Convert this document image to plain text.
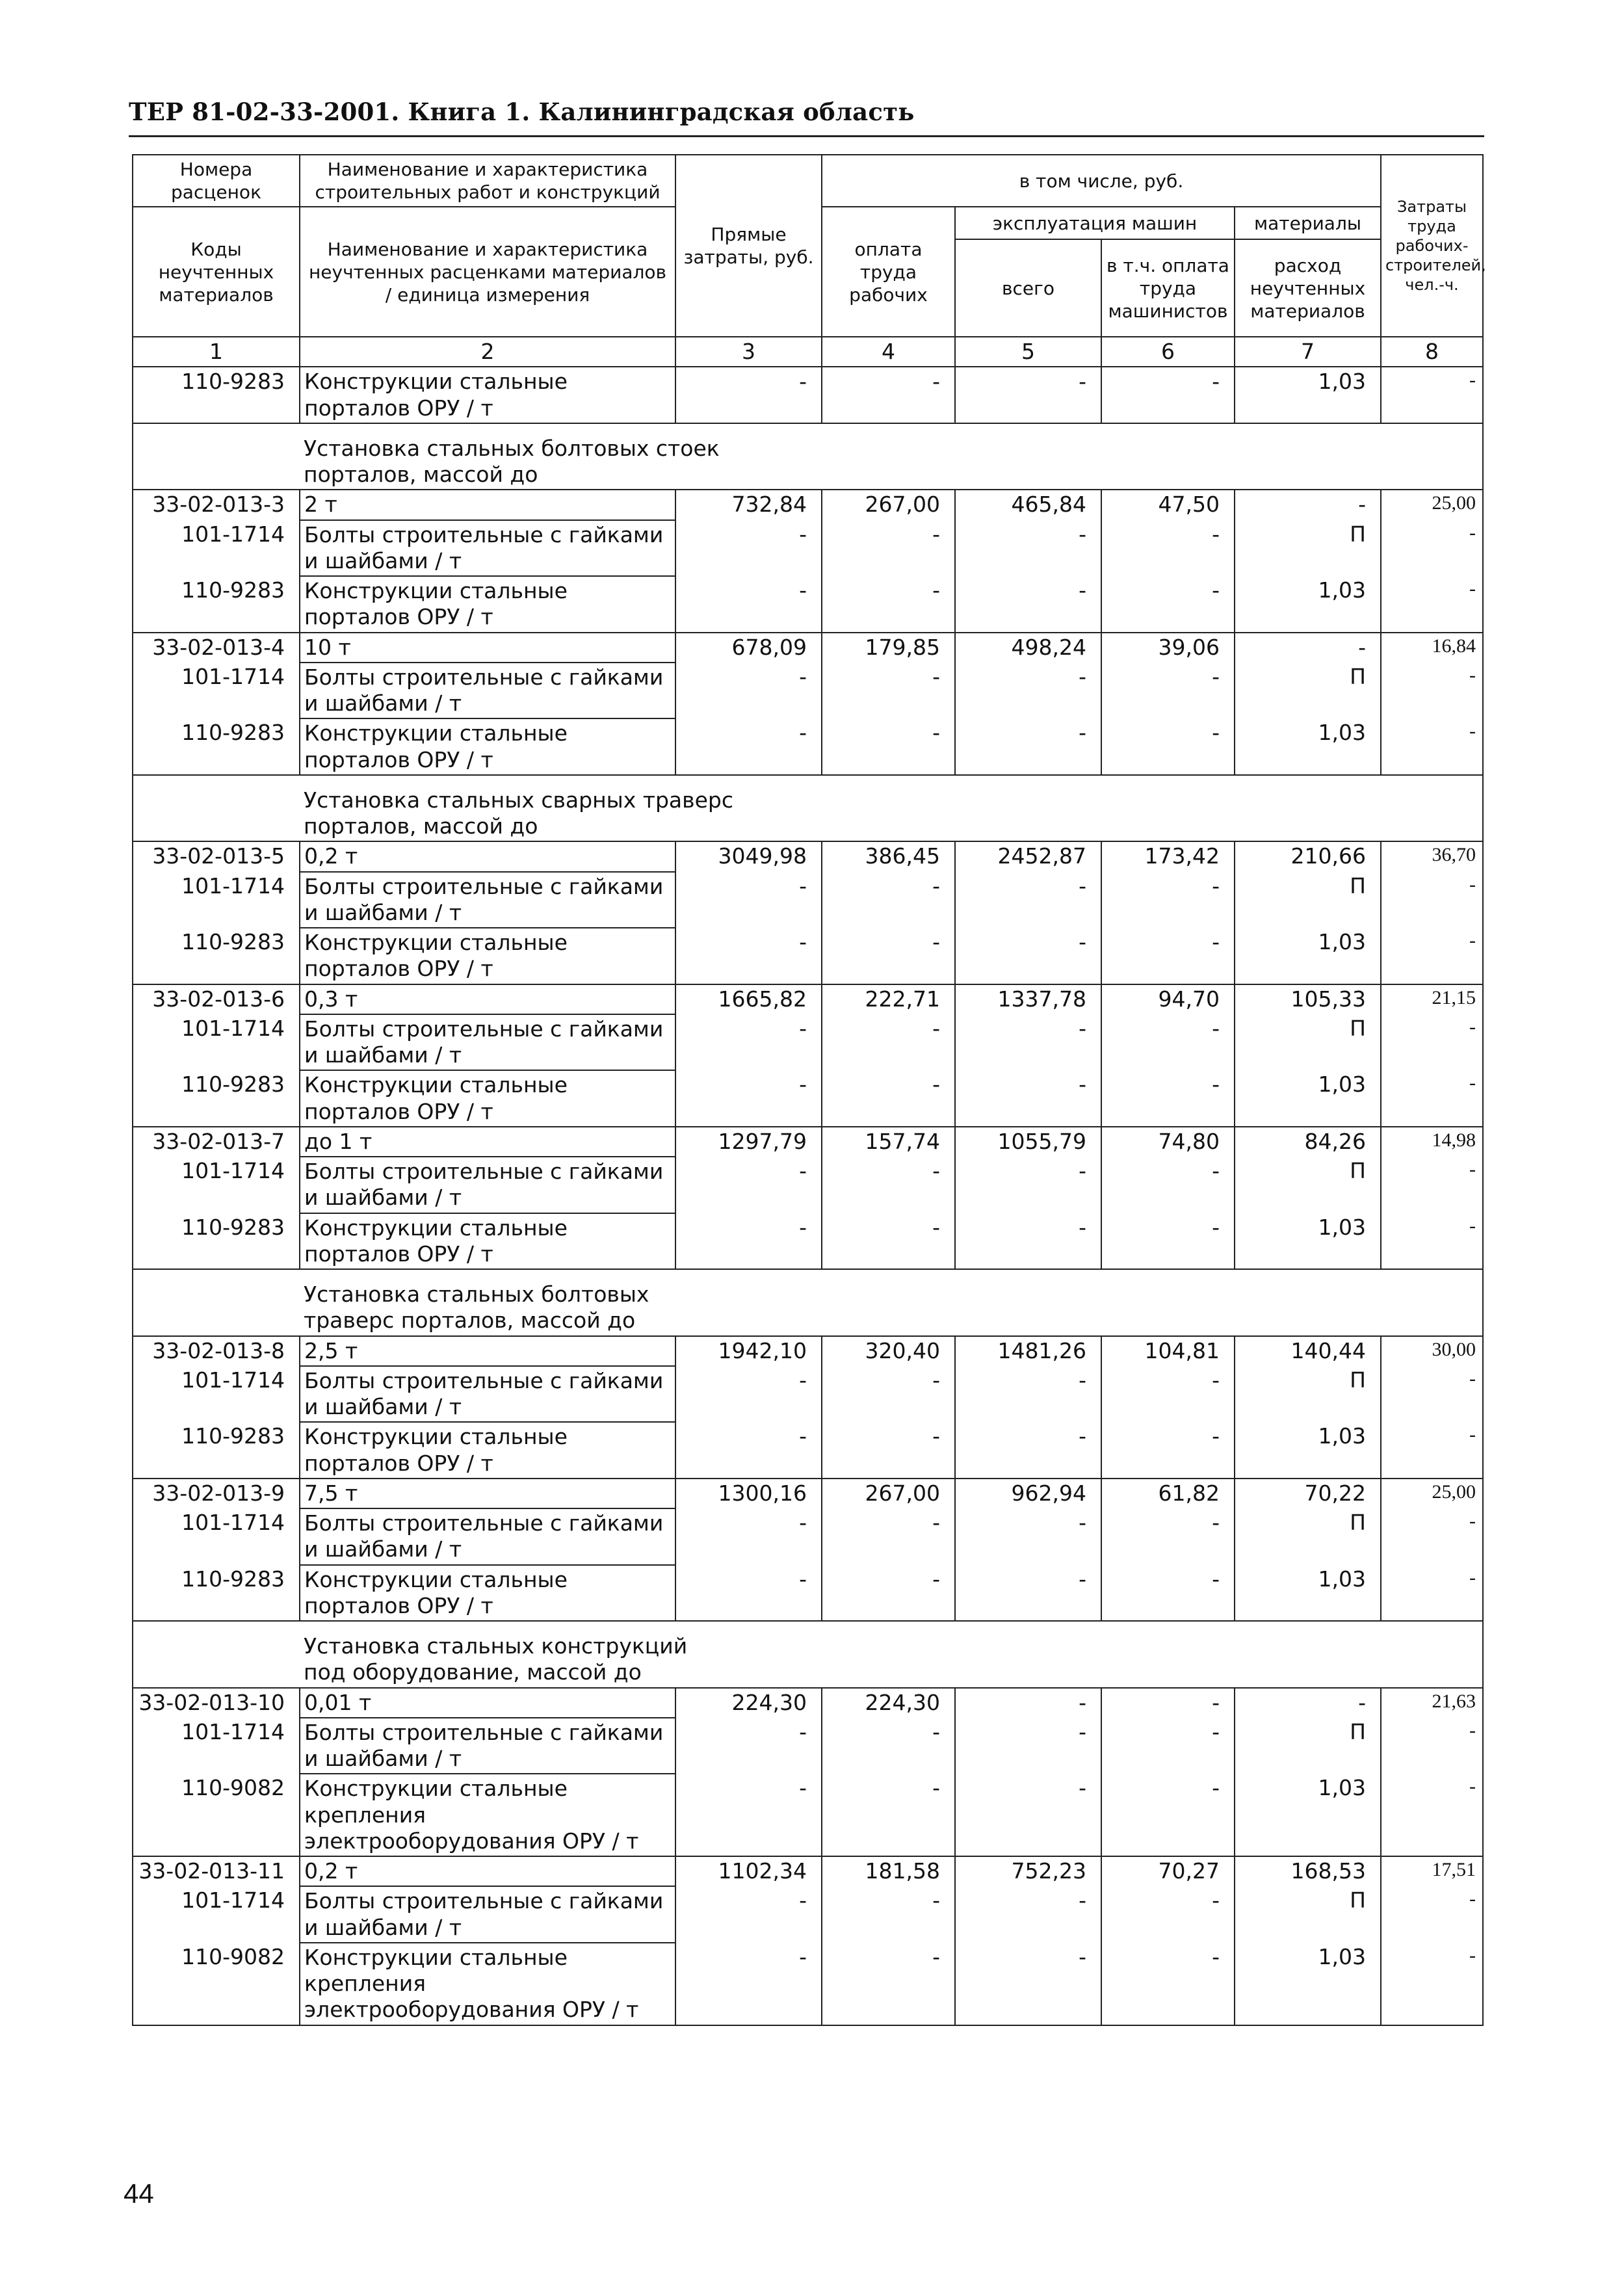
ТЕР 81-02-33-2001. Книга 1. Калининградская область
Номера расценок	Наименование и характеристика строительных работ и конструкций	Прямые затраты, руб.	в том числе, руб.				Затраты труда рабочих-строителей, чел.-ч.
Коды неучтенных материалов	Наименование и характеристика неучтенных расценками материалов / единица измерения		оплата труда рабочих	эксплуатация машин		материалы	
				всего	в т.ч. оплата труда машинистов	расход неучтенных материалов	
1	2	3	4	5	6	7	8
110-9283	Конструкции стальные порталов ОРУ / т	-	-	-	-	1,03	-
	Установка стальных болтовых стоек порталов, массой до						
33-02-013-3	2 т	732,84	267,00	465,84	47,50	-	25,00
101-1714	Болты строительные с гайками и шайбами / т	-	-	-	-	П	-
110-9283	Конструкции стальные порталов ОРУ / т	-	-	-	-	1,03	-
33-02-013-4	10 т	678,09	179,85	498,24	39,06	-	16,84
101-1714	Болты строительные с гайками и шайбами / т	-	-	-	-	П	-
110-9283	Конструкции стальные порталов ОРУ / т	-	-	-	-	1,03	-
	Установка стальных сварных траверс порталов, массой до						
33-02-013-5	0,2 т	3049,98	386,45	2452,87	173,42	210,66	36,70
101-1714	Болты строительные с гайками и шайбами / т	-	-	-	-	П	-
110-9283	Конструкции стальные порталов ОРУ / т	-	-	-	-	1,03	-
33-02-013-6	0,3 т	1665,82	222,71	1337,78	94,70	105,33	21,15
101-1714	Болты строительные с гайками и шайбами / т	-	-	-	-	П	-
110-9283	Конструкции стальные порталов ОРУ / т	-	-	-	-	1,03	-
33-02-013-7	до 1 т	1297,79	157,74	1055,79	74,80	84,26	14,98
101-1714	Болты строительные с гайками и шайбами / т	-	-	-	-	П	-
110-9283	Конструкции стальные порталов ОРУ / т	-	-	-	-	1,03	-
	Установка стальных болтовых траверс порталов, массой до						
33-02-013-8	2,5 т	1942,10	320,40	1481,26	104,81	140,44	30,00
101-1714	Болты строительные с гайками и шайбами / т	-	-	-	-	П	-
110-9283	Конструкции стальные порталов ОРУ / т	-	-	-	-	1,03	-
33-02-013-9	7,5 т	1300,16	267,00	962,94	61,82	70,22	25,00
101-1714	Болты строительные с гайками и шайбами / т	-	-	-	-	П	-
110-9283	Конструкции стальные порталов ОРУ / т	-	-	-	-	1,03	-
	Установка стальных конструкций под оборудование, массой до						
33-02-013-10	0,01 т	224,30	224,30	-	-	-	21,63
101-1714	Болты строительные с гайками и шайбами / т	-	-	-	-	П	-
110-9082	Конструкции стальные крепления электрооборудования ОРУ / т	-	-	-	-	1,03	-
33-02-013-11	0,2 т	1102,34	181,58	752,23	70,27	168,53	17,51
101-1714	Болты строительные с гайками и шайбами / т	-	-	-	-	П	-
110-9082	Конструкции стальные крепления электрооборудования ОРУ / т	-	-	-	-	1,03	-
44
